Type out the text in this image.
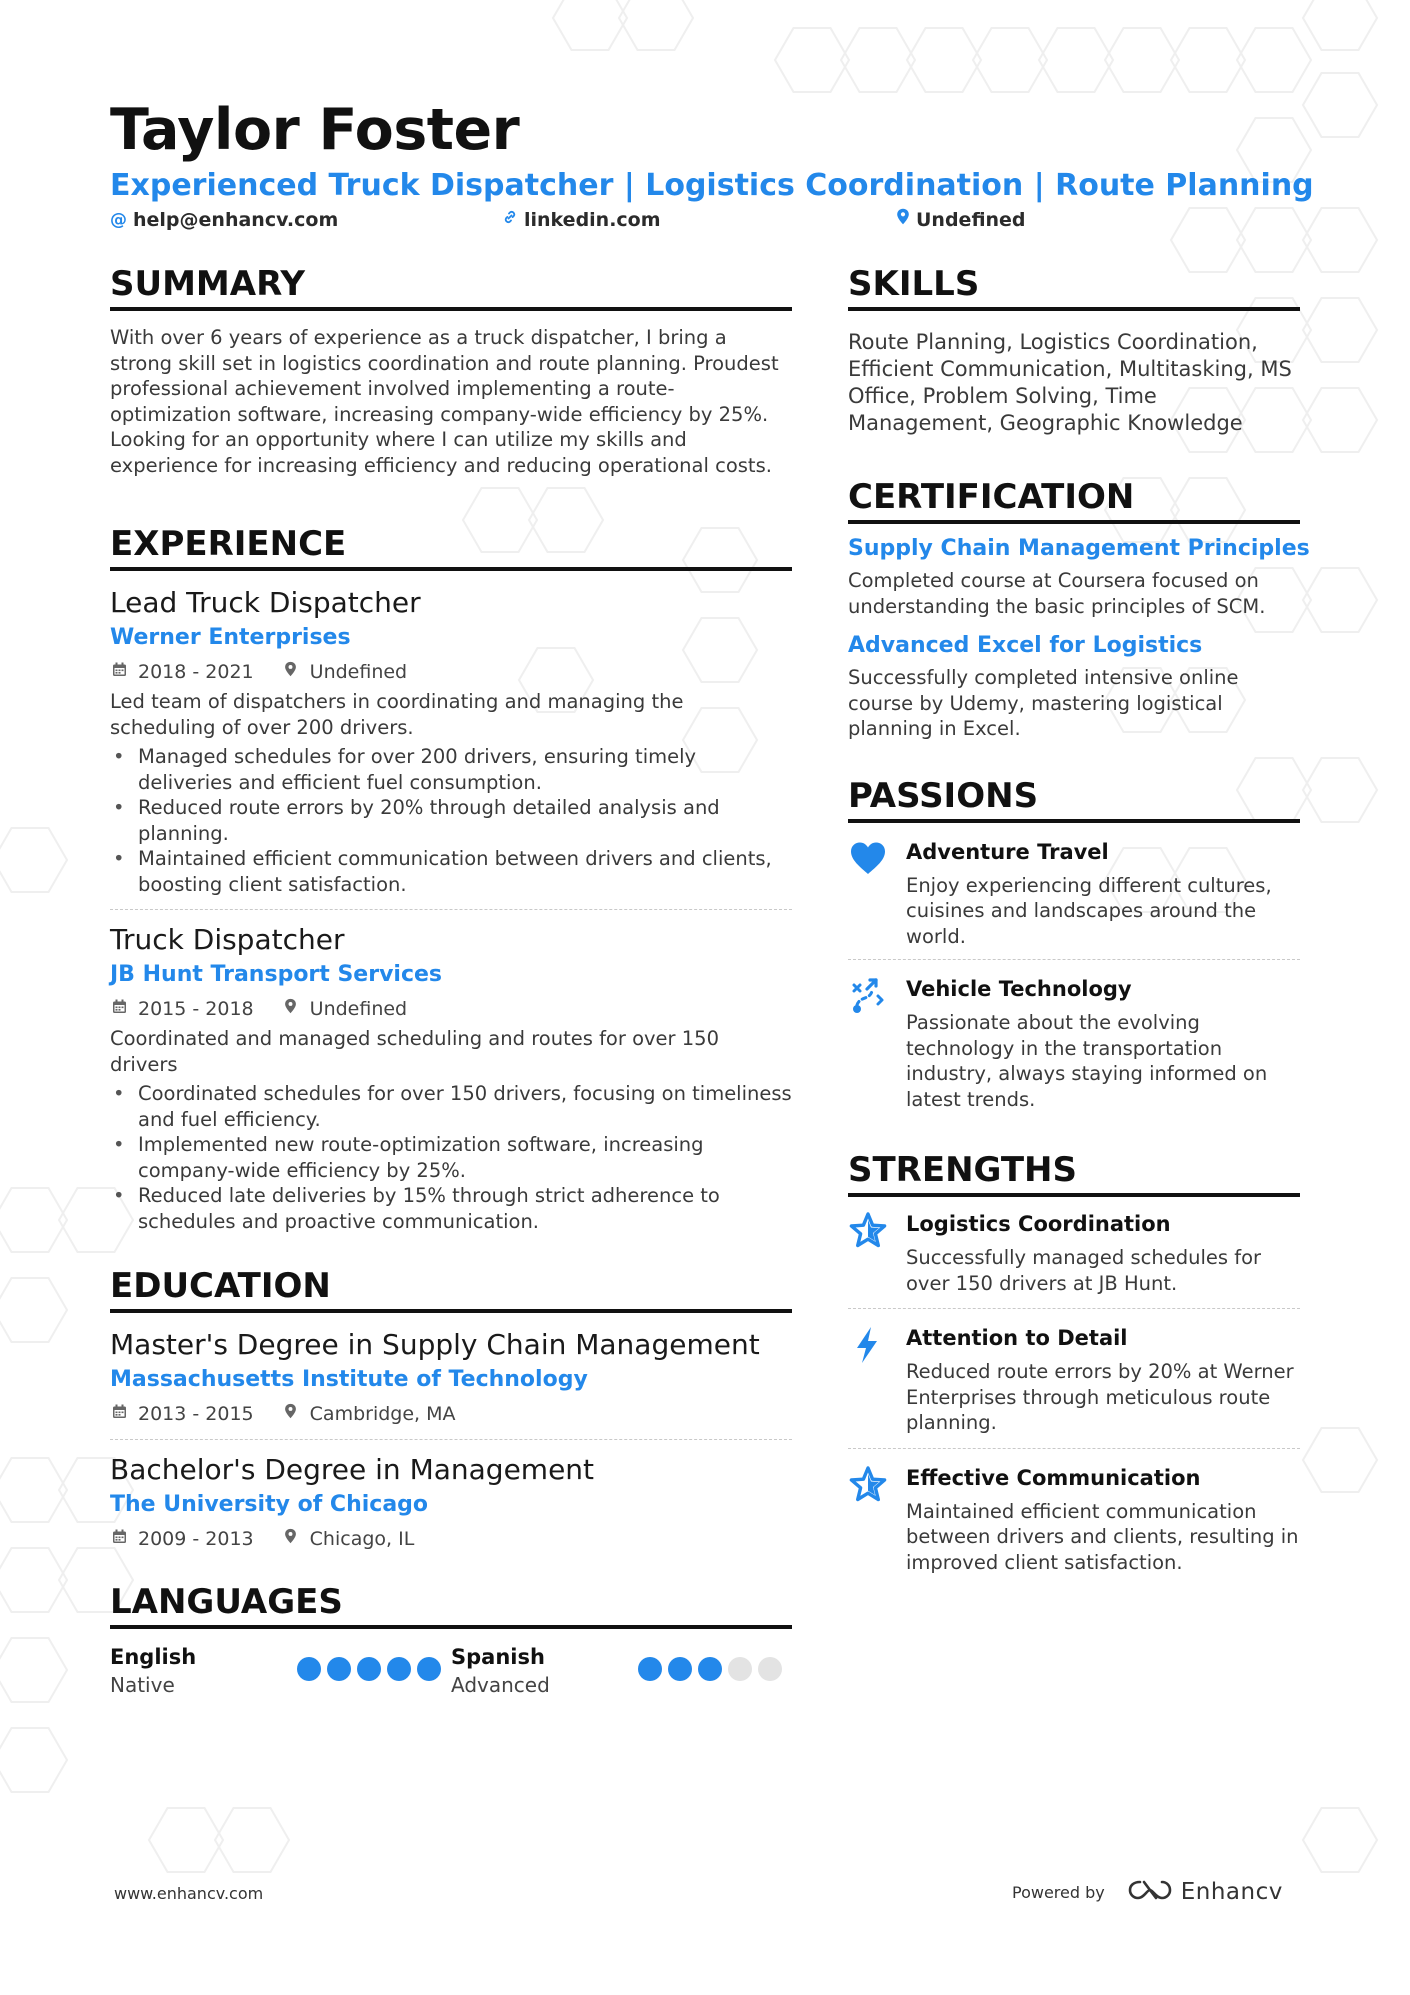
Taylor Foster
Experienced Truck Dispatcher | Logistics Coordination | Route Planning
@ help@enhancv.com	linkedin.com	Undefined
SUMMARY

With over 6 years of experience as a truck dispatcher, I bring a strong skill set in logistics coordination and route planning. Proudest professional achievement involved implementing a route-optimization software, increasing company-wide efficiency by 25%. Looking for an opportunity where I can utilize my skills and experience for increasing efficiency and reducing operational costs.

EXPERIENCE
Lead Truck Dispatcher
Werner Enterprises
2018 - 2021	Undefined

Led team of dispatchers in coordinating and managing the scheduling of over 200 drivers.

• Managed schedules for over 200 drivers, ensuring timely deliveries and efficient fuel consumption.
• Reduced route errors by 20% through detailed analysis and planning.
• Maintained efficient communication between drivers and clients, boosting client satisfaction.
Truck Dispatcher
JB Hunt Transport Services
2015 - 2018	Undefined

Coordinated and managed scheduling and routes for over 150 drivers

• Coordinated schedules for over 150 drivers, focusing on timeliness and fuel efficiency.
• Implemented new route-optimization software, increasing company-wide efficiency by 25%.
• Reduced late deliveries by 15% through strict adherence to schedules and proactive communication.
EDUCATION
Master's Degree in Supply Chain Management
Massachusetts Institute of Technology
2013 - 2015	Cambridge, MA
Bachelor's Degree in Management
The University of Chicago
2009 - 2013	Chicago, IL
LANGUAGES
English
Native
Spanish
Advanced
SKILLS
Route Planning, Logistics Coordination, Efficient Communication, Multitasking, MS Office, Problem Solving, Time Management, Geographic Knowledge
CERTIFICATION
Supply Chain Management Principles
Completed course at Coursera focused on understanding the basic principles of SCM.
Advanced Excel for Logistics
Successfully completed intensive online course by Udemy, mastering logistical planning in Excel.
PASSIONS
Adventure Travel
Enjoy experiencing different cultures, cuisines and landscapes around the world.
Vehicle Technology
Passionate about the evolving technology in the transportation industry, always staying informed on latest trends.
STRENGTHS
Logistics Coordination
Successfully managed schedules for over 150 drivers at JB Hunt.
Attention to Detail
Reduced route errors by 20% at Werner Enterprises through meticulous route planning.
Effective Communication
Maintained efficient communication between drivers and clients, resulting in improved client satisfaction.
www.enhancv.com	Powered by	Enhancv
